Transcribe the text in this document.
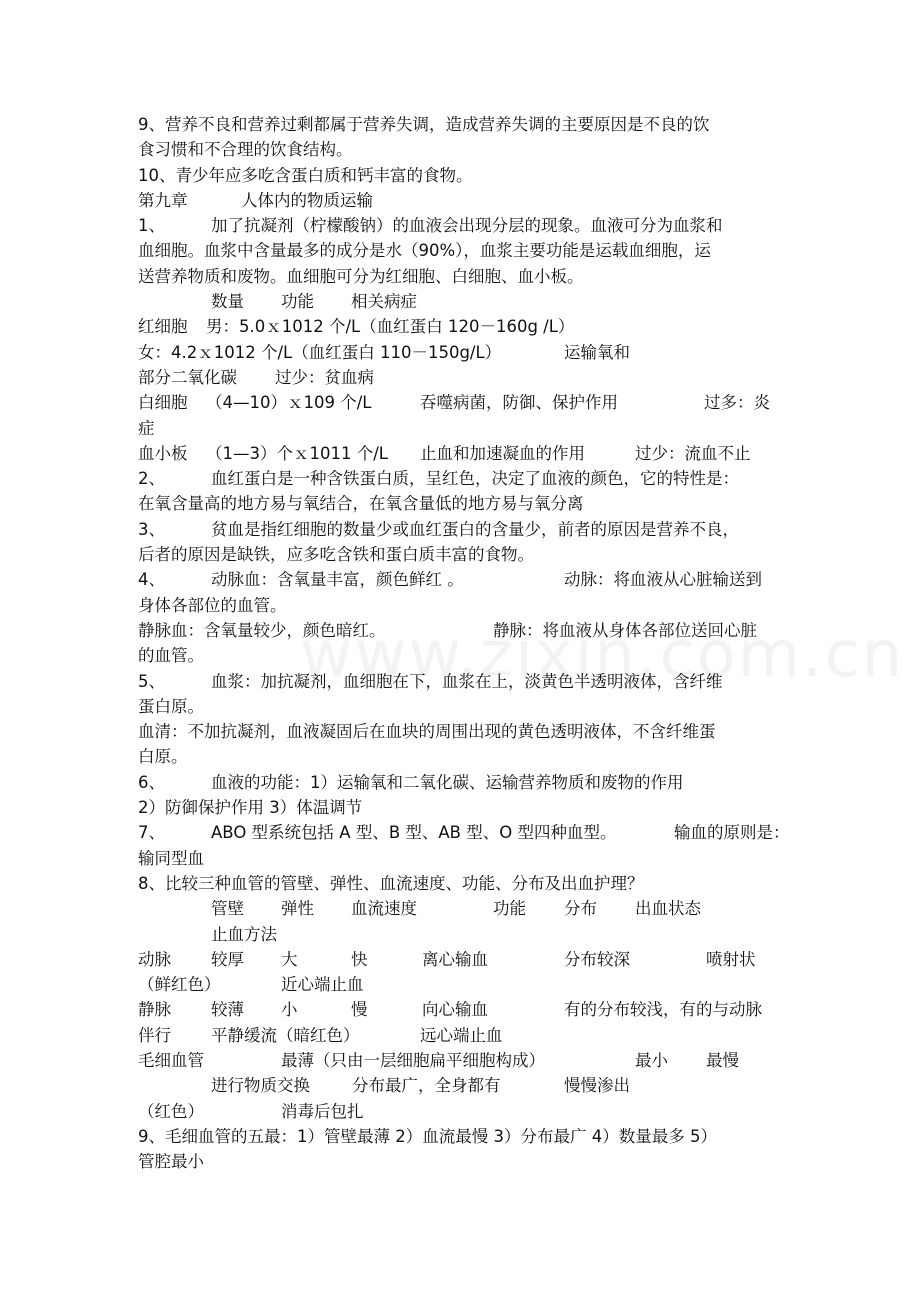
9、营养不良和营养过剩都属于营养失调，造成营养失调的主要原因是不良的饮
食习惯和不合理的饮食结构。
10、青少年应多吃含蛋白质和钙丰富的食物。
第九章	人体内的物质运输
1、	加了抗凝剂（柠檬酸钠）的血液会出现分层的现象。血液可分为血浆和
血细胞。血浆中含量最多的成分是水（90%），血浆主要功能是运载血细胞，运
送营养物质和废物。血细胞可分为红细胞、白细胞、血小板。
数量 功能 相关病症
红细胞 男：5.0ｘ1012 个/L（血红蛋白 120－160g /L）
女：4.2ｘ1012 个/L（血红蛋白 110－150g/L）	运输氧和
部分二氧化碳 过少：贫血病
白细胞 （4—10）ｘ109 个/L	吞噬病菌，防御、保护作用	过多：炎
症
血小板 （1—3）个ｘ1011 个/L 止血和加速凝血的作用	过少：流血不止
2、	血红蛋白是一种含铁蛋白质，呈红色，决定了血液的颜色，它的特性是：
在氧含量高的地方易与氧结合，在氧含量低的地方易与氧分离
3、	贫血是指红细胞的数量少或血红蛋白的含量少，前者的原因是营养不良，
后者的原因是缺铁，应多吃含铁和蛋白质丰富的食物。
4、	动脉血：含氧量丰富，颜色鲜红 。	动脉：将血液从心脏输送到
身体各部位的血管。
静脉血：含氧量较少，颜色暗红。	静脉：将血液从身体各部位送回心脏
的血管。
5、	血浆：加抗凝剂，血细胞在下，血浆在上，淡黄色半透明液体，含纤维
蛋白原。
血清：不加抗凝剂，血液凝固后在血块的周围出现的黄色透明液体，不含纤维蛋
白原。
6、	血液的功能：1）运输氧和二氧化碳、运输营养物质和废物的作用
2）防御保护作用 3）体温调节
7、	ABO 型系统包括 A 型、B 型、AB 型、O 型四种血型。	输血的原则是：
输同型血
8、比较三种血管的管壁、弹性、血流速度、功能、分布及出血护理？
管壁 弹性 血流速度	功能 分布 出血状态
止血方法
动脉 较厚 大	快	离心输血	分布较深	喷射状
（鲜红色）	近心端止血
静脉 较薄 小	慢	向心输血	有的分布较浅，有的与动脉
伴行 平静缓流（暗红色）	远心端止血
毛细血管	最薄（只由一层细胞扁平细胞构成）	最小 最慢
进行物质交换	分布最广，全身都有	慢慢渗出
（红色）	消毒后包扎
9、毛细血管的五最：1）管壁最薄 2）血流最慢 3）分布最广 4）数量最多 5）
管腔最小
